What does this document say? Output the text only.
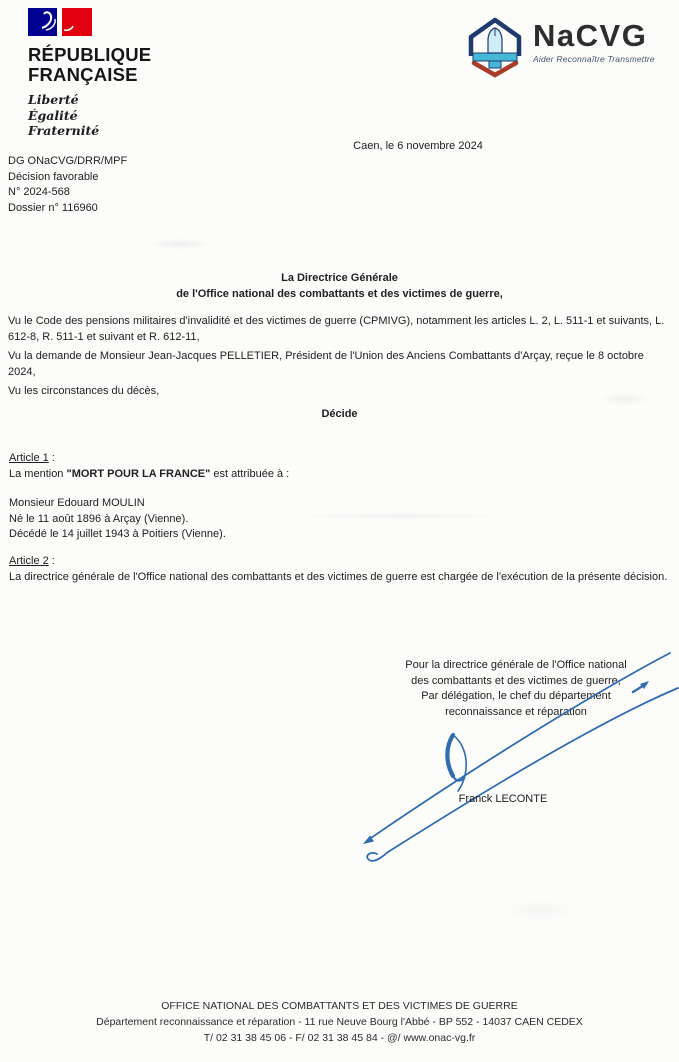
RÉPUBLIQUE
FRANÇAISE
Liberté
Égalité
Fraternité
NaCVG
Aider Reconnaître Transmettre
Caen, le 6 novembre 2024
DG ONaCVG/DRR/MPF
Décision favorable
N° 2024-568
Dossier n° 116960
La Directrice Générale
de l'Office national des combattants et des victimes de guerre,

Vu le Code des pensions militaires d'invalidité et des victimes de guerre (CPMIVG), notamment les articles L. 2, L. 511-1 et suivants, L. 612-8, R. 511-1 et suivant et R. 612-11,

Vu la demande de Monsieur Jean-Jacques PELLETIER, Président de l'Union des Anciens Combattants d'Arçay, reçue le 8 octobre 2024,

Vu les circonstances du décès,

Décide

Article 1 :

La mention "MORT POUR LA FRANCE" est attribuée à :

Monsieur Edouard MOULIN

Né le 11 août 1896 à Arçay (Vienne).

Décédé le 14 juillet 1943 à Poitiers (Vienne).

Article 2 :

La directrice générale de l'Office national des combattants et des victimes de guerre est chargée de l'exécution de la présente décision.

Pour la directrice générale de l'Office national
des combattants et des victimes de guerre,
Par délégation, le chef du département
reconnaissance et réparation
Franck LECONTE
OFFICE NATIONAL DES COMBATTANTS ET DES VICTIMES DE GUERRE
Département reconnaissance et réparation - 11 rue Neuve Bourg l'Abbé - BP 552 - 14037 CAEN CEDEX
T/ 02 31 38 45 06 - F/ 02 31 38 45 84 - @/ www.onac-vg.fr
